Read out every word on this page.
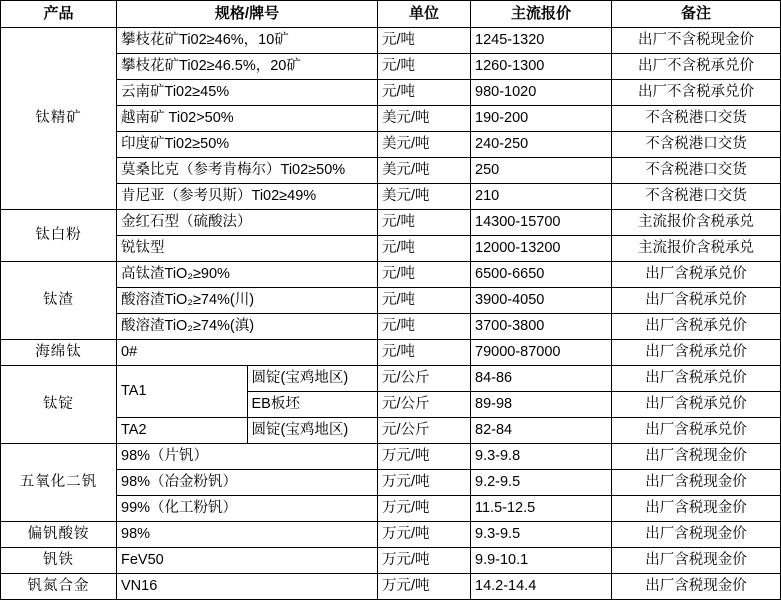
产品	规格/牌号		单位	主流报价	备注
钛精矿	攀枝花矿Ti02≥46%，10矿		元/吨	1245-1320	出厂不含税现金价
	攀枝花矿Ti02≥46.5%，20矿		元/吨	1260-1300	出厂不含税承兑价
	云南矿Ti02≥45%		元/吨	980-1020	出厂不含税承兑价
	越南矿 Ti02>50%		美元/吨	190-200	不含税港口交货
	印度矿Ti02≥50%		美元/吨	240-250	不含税港口交货
	莫桑比克（参考肯梅尔）Ti02≥50%		美元/吨	250	不含税港口交货
	肯尼亚（参考贝斯）Ti02≥49%		美元/吨	210	不含税港口交货
钛白粉	金红石型（硫酸法）		元/吨	14300-15700	主流报价含税承兑
	锐钛型		元/吨	12000-13200	主流报价含税承兑
钛渣	高钛渣TiO₂≥90%		元/吨	6500-6650	出厂含税承兑价
	酸溶渣TiO₂≥74%(川)		元/吨	3900-4050	出厂含税承兑价
	酸溶渣TiO₂≥74%(滇)		元/吨	3700-3800	出厂含税承兑价
海绵钛	0#		元/吨	79000-87000	出厂含税承兑价
钛锭	TA1	圆锭(宝鸡地区)	元/公斤	84-86	出厂含税承兑价
		EB板坯	元/公斤	89-98	出厂含税承兑价
	TA2	圆锭(宝鸡地区)	元/公斤	82-84	出厂含税承兑价
五氧化二钒	98%（片钒）		万元/吨	9.3-9.8	出厂含税现金价
	98%（冶金粉钒）		万元/吨	9.2-9.5	出厂含税现金价
	99%（化工粉钒）		万元/吨	11.5-12.5	出厂含税现金价
偏钒酸铵	98%		万元/吨	9.3-9.5	出厂含税现金价
钒铁	FeV50		万元/吨	9.9-10.1	出厂含税现金价
钒氮合金	VN16		万元/吨	14.2-14.4	出厂含税现金价
